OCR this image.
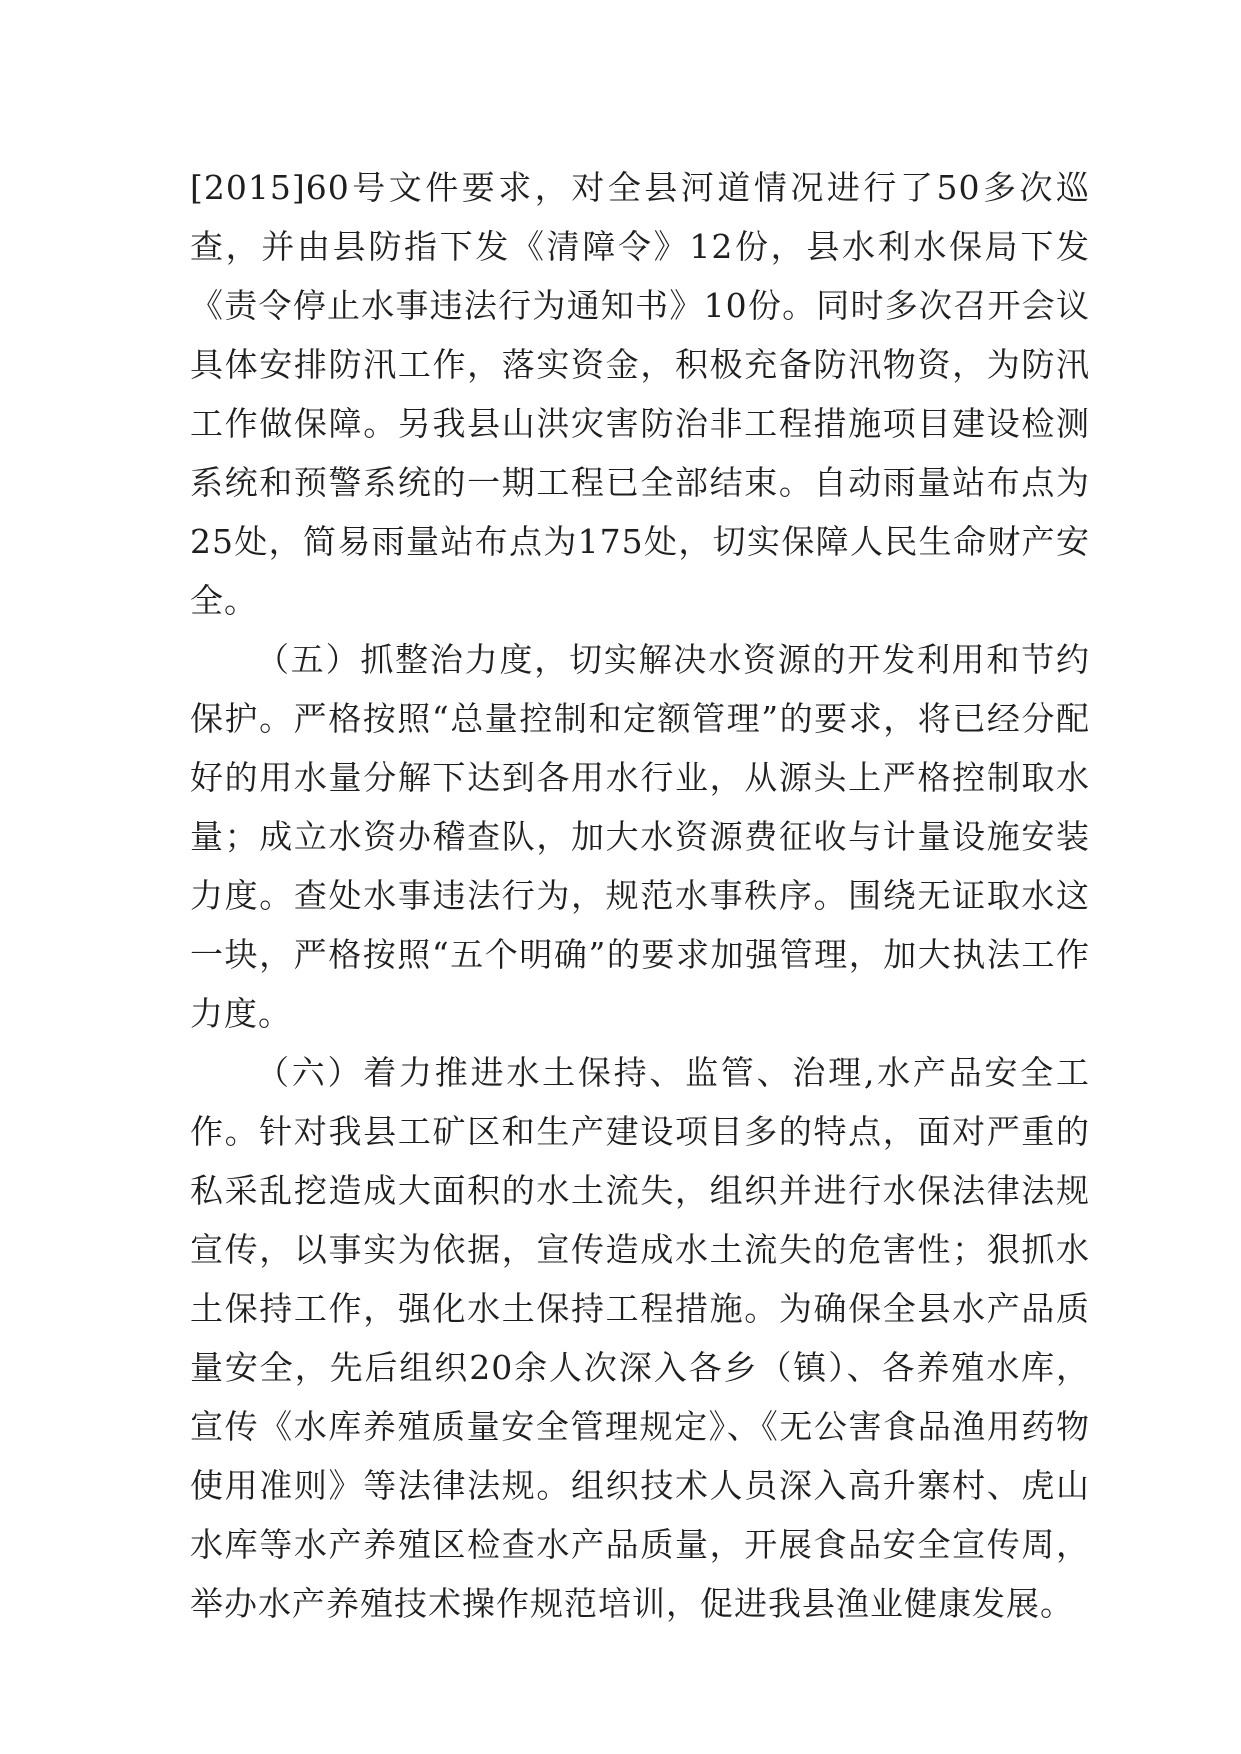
[2015]60号文件要求，对全县河道情况进行了50多次巡查，并由县防指下发《清障令》12份，县水利水保局下发《责令停止水事违法行为通知书》10份。同时多次召开会议具体安排防汛工作，落实资金，积极充备防汛物资，为防汛工作做保障。另我县山洪灾害防治非工程措施项目建设检测系统和预警系统的一期工程已全部结束。自动雨量站布点为25处，简易雨量站布点为175处，切实保障人民生命财产安全。

（五）抓整治力度，切实解决水资源的开发利用和节约保护。严格按照“总量控制和定额管理”的要求，将已经分配好的用水量分解下达到各用水行业，从源头上严格控制取水量；成立水资办稽查队，加大水资源费征收与计量设施安装力度。查处水事违法行为，规范水事秩序。围绕无证取水这一块，严格按照“五个明确”的要求加强管理，加大执法工作力度。

（六）着力推进水土保持、监管、治理,水产品安全工作。针对我县工矿区和生产建设项目多的特点，面对严重的私采乱挖造成大面积的水土流失，组织并进行水保法律法规宣传，以事实为依据，宣传造成水土流失的危害性；狠抓水土保持工作，强化水土保持工程措施。为确保全县水产品质量安全，先后组织20余人次深入各乡（镇）、各养殖水库，宣传《水库养殖质量安全管理规定》、《无公害食品渔用药物使用准则》等法律法规。组织技术人员深入高升寨村、虎山水库等水产养殖区检查水产品质量，开展食品安全宣传周，举办水产养殖技术操作规范培训，促进我县渔业健康发展。
